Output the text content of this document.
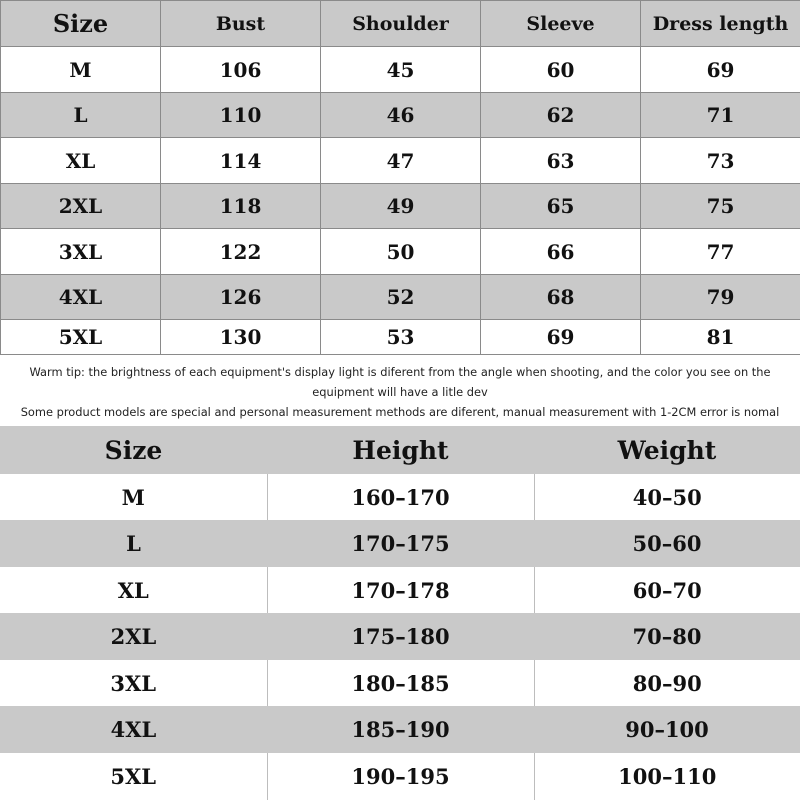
Size	Bust	Shoulder	Sleeve	Dress length
M	106	45	60	69
L	110	46	62	71
XL	114	47	63	73
2XL	118	49	65	75
3XL	122	50	66	77
4XL	126	52	68	79
5XL	130	53	69	81
Warm tip: the brightness of each equipment's display light is diferent from the angle when shooting, and the color you see on the
equipment will have a litle dev
Some product models are special and personal measurement methods are diferent, manual measurement with 1-2CM error is nomal
Size	Height	Weight
M	160–170	40–50
L	170–175	50–60
XL	170–178	60–70
2XL	175–180	70–80
3XL	180–185	80–90
4XL	185–190	90–100
5XL	190–195	100–110
